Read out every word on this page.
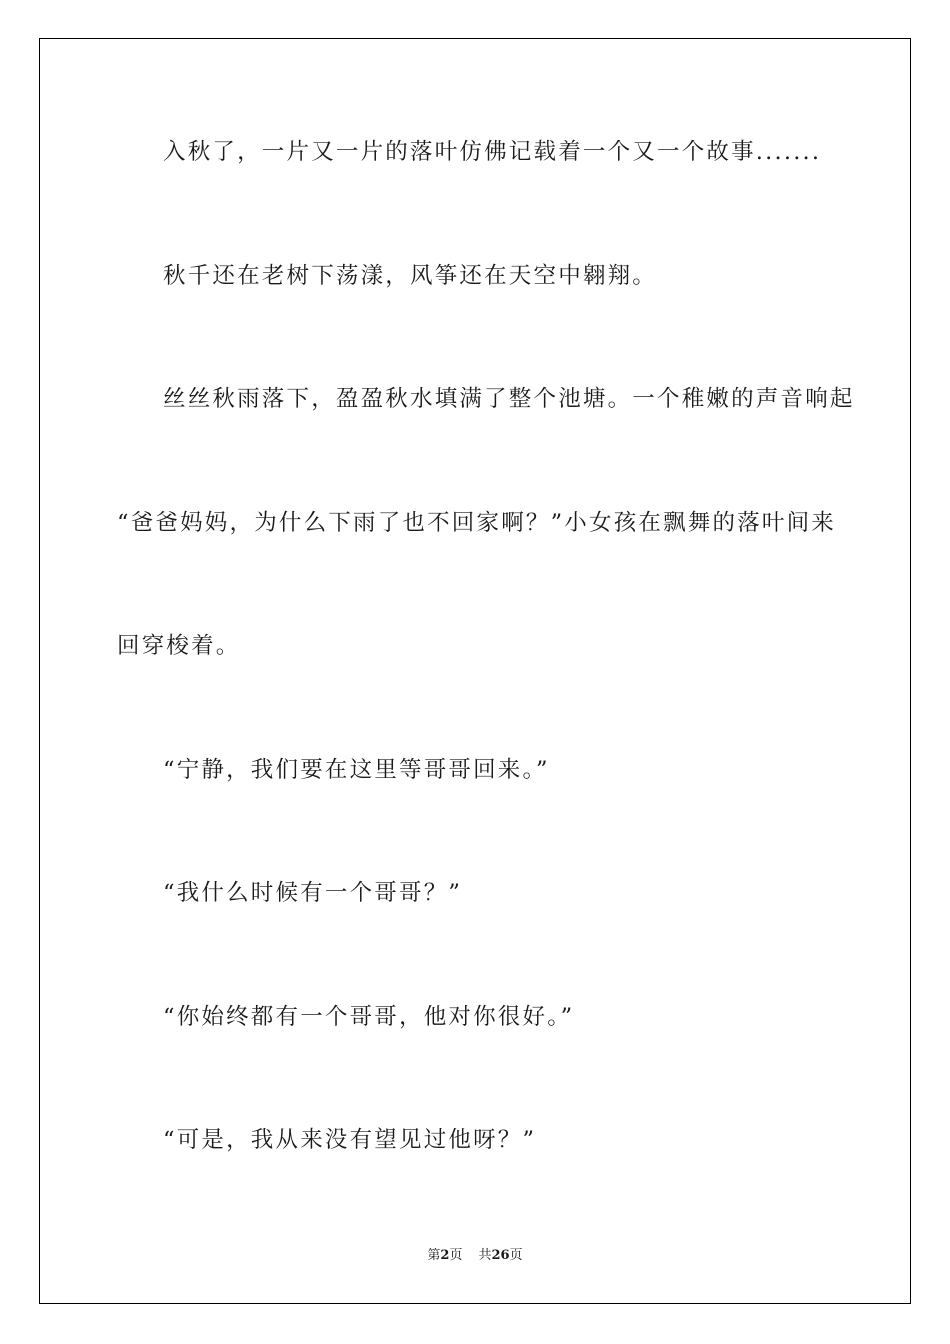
入秋了，一片又一片的落叶仿佛记载着一个又一个故事.......
秋千还在老树下荡漾，风筝还在天空中翱翔。
丝丝秋雨落下，盈盈秋水填满了整个池塘。一个稚嫩的声音响起
“爸爸妈妈，为什么下雨了也不回家啊？”小女孩在飘舞的落叶间来
回穿梭着。
“宁静，我们要在这里等哥哥回来。”
“我什么时候有一个哥哥？”
“你始终都有一个哥哥，他对你很好。”
“可是，我从来没有望见过他呀？”
第2页 共26页
